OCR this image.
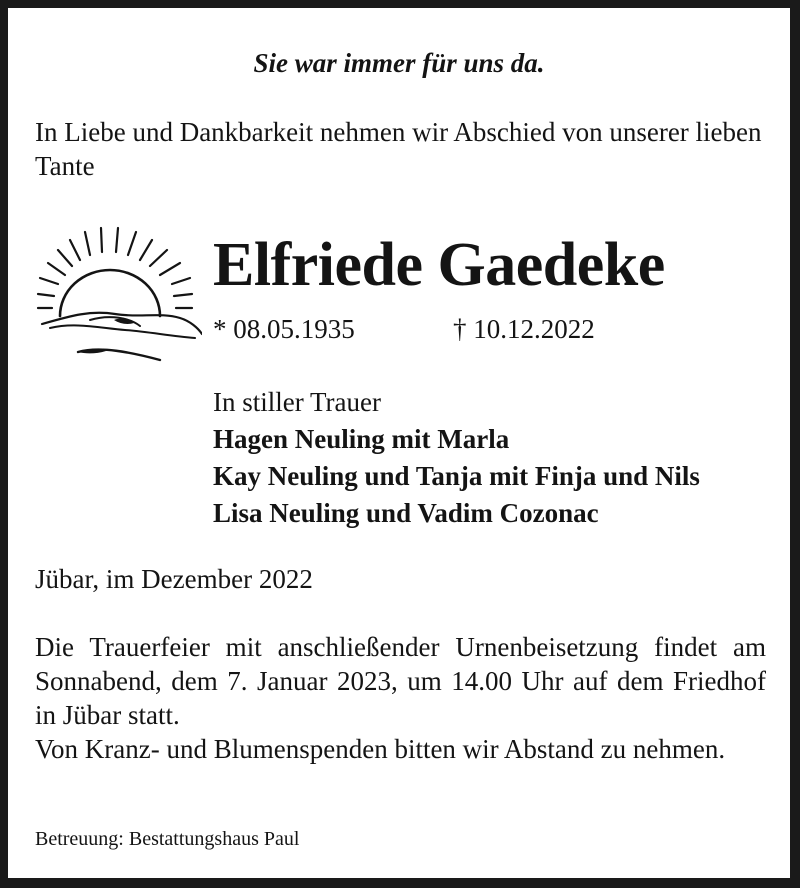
Sie war immer für uns da.
In Liebe und Dankbarkeit nehmen wir Abschied von unserer lieben Tante
Elfriede Gaedeke
* 08.05.1935	† 10.12.2022
In stiller Trauer
Hagen Neuling mit Marla
Kay Neuling und Tanja mit Finja und Nils
Lisa Neuling und Vadim Cozonac
Jübar, im Dezember 2022

Die Trauerfeier mit anschließender Urnenbeisetzung findet am Sonnabend, dem 7. Januar 2023, um 14.00 Uhr auf dem Friedhof in Jübar statt.

Von Kranz- und Blumenspenden bitten wir Abstand zu nehmen.

Betreuung: Bestattungshaus Paul
